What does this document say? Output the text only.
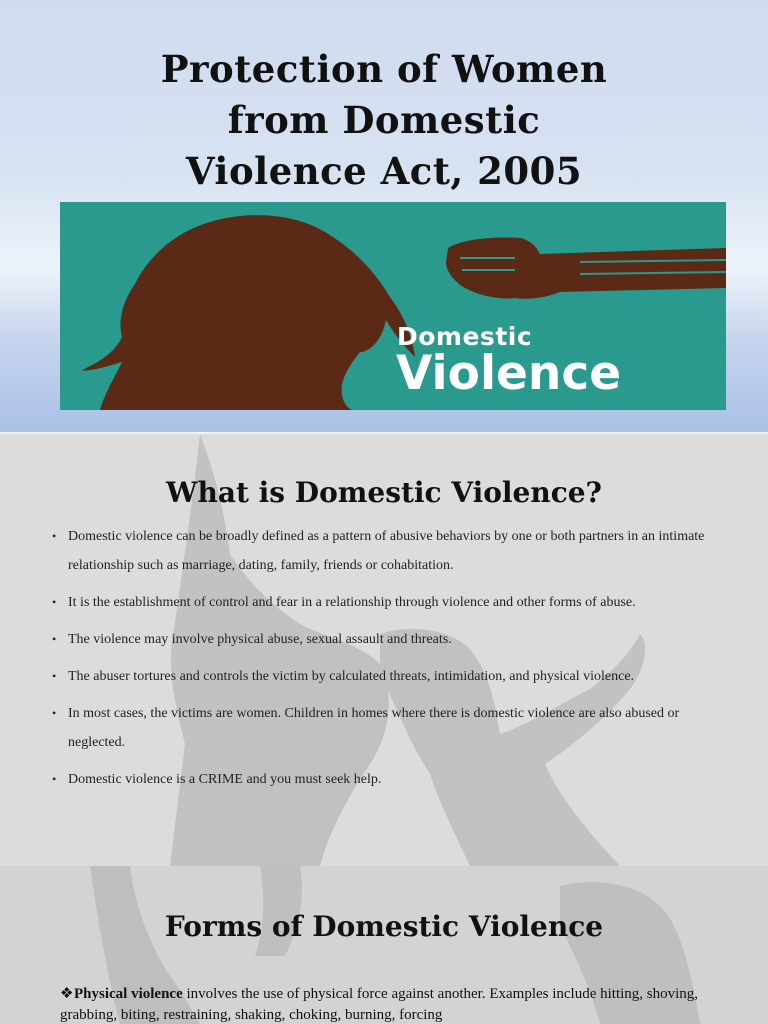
Protection of Women
from Domestic
Violence Act, 2005
Domestic
Violence
What is Domestic Violence?
• Domestic violence can be broadly defined as a pattern of abusive behaviors by one or both partners in an intimate relationship such as marriage, dating, family, friends or cohabitation.
• It is the establishment of control and fear in a relationship through violence and other forms of abuse.
• The violence may involve physical abuse, sexual assault and threats.
• The abuser tortures and controls the victim by calculated threats, intimidation, and physical violence.
• In most cases, the victims are women. Children in homes where there is domestic violence are also abused or neglected.
• Domestic violence is a CRIME and you must seek help.
Forms of Domestic Violence
❖Physical violence involves the use of physical force against another. Examples include hitting, shoving, grabbing, biting, restraining, shaking, choking, burning, forcing
